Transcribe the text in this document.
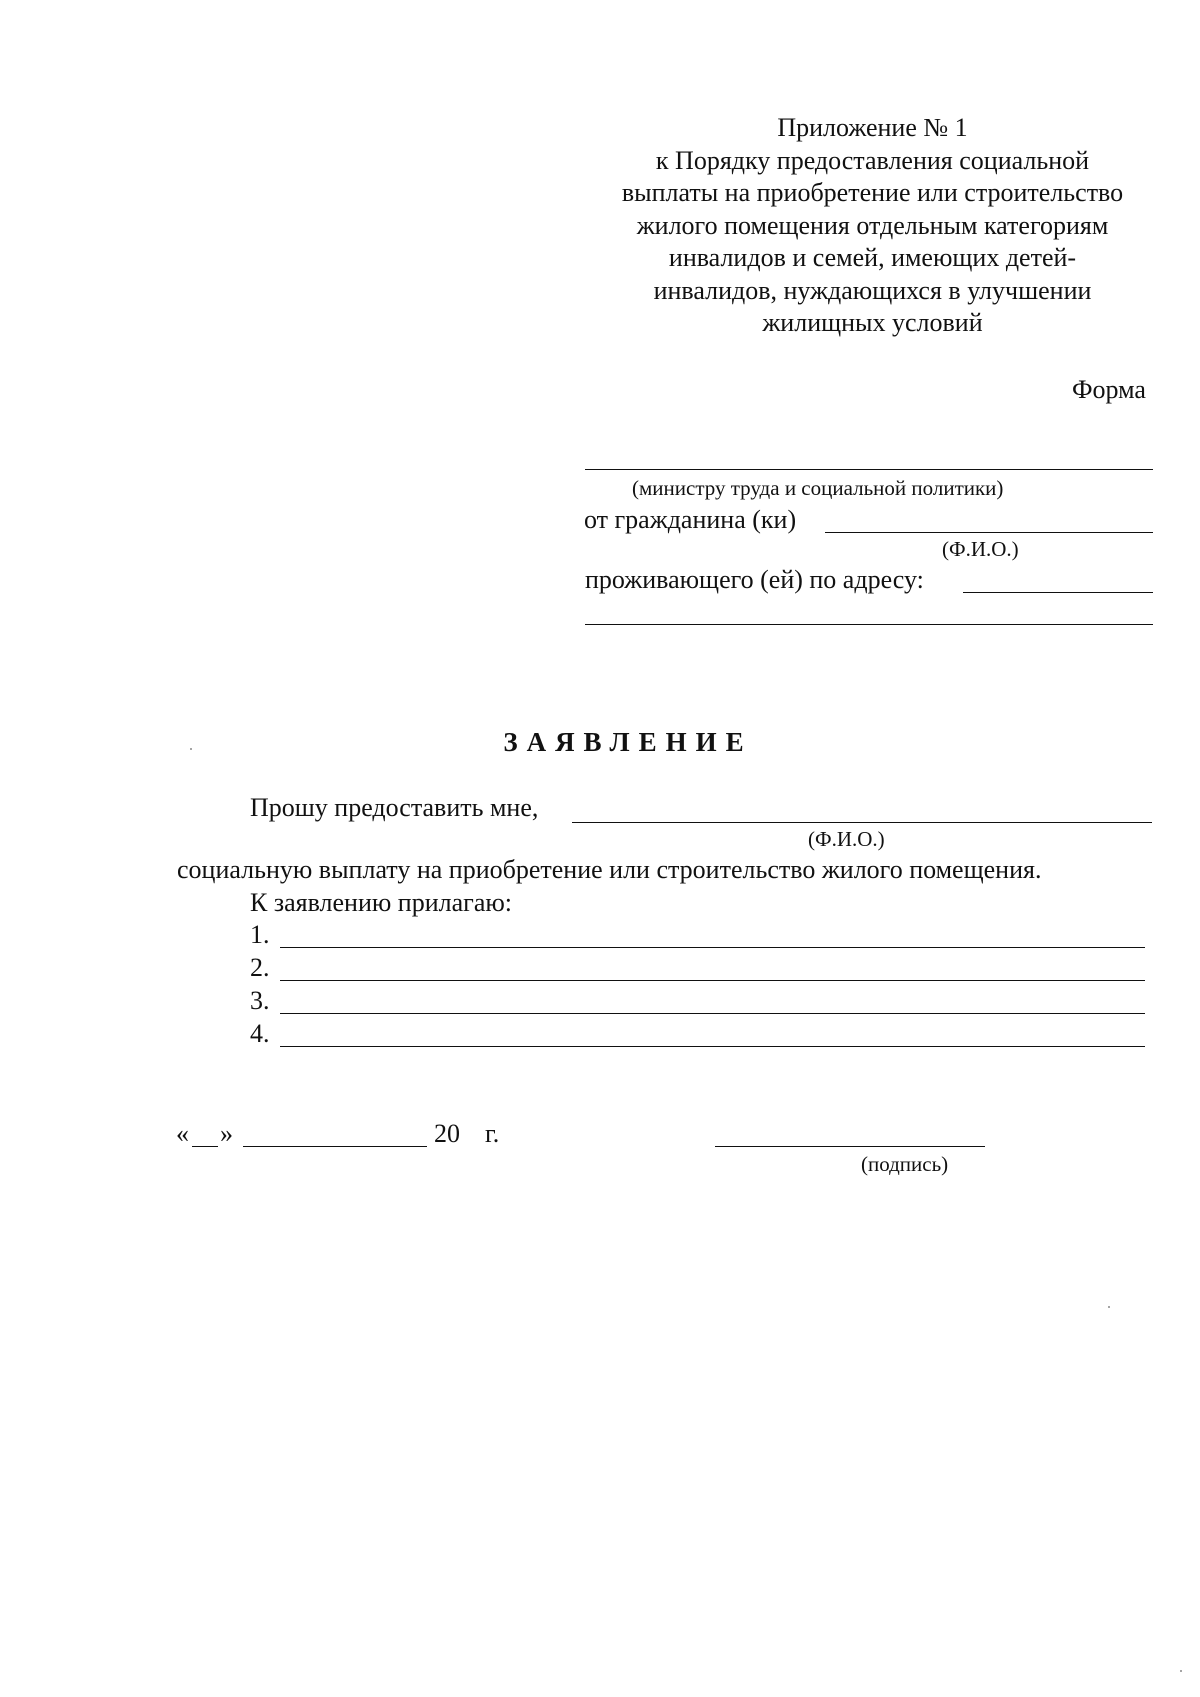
Приложение № 1
к Порядку предоставления социальной
выплаты на приобретение или строительство
жилого помещения отдельным категориям
инвалидов и семей, имеющих детей-
инвалидов, нуждающихся в улучшении
жилищных условий
Форма
(министру труда и социальной политики)
от гражданина (ки)
(Ф.И.О.)
проживающего (ей) по адресу:
ЗАЯВЛЕНИЕ
Прошу предоставить мне,
(Ф.И.О.)
социальную выплату на приобретение или строительство жилого помещения.
К заявлению прилагаю:
1.
2.
3.
4.
« »	20 г.
(подпись)
